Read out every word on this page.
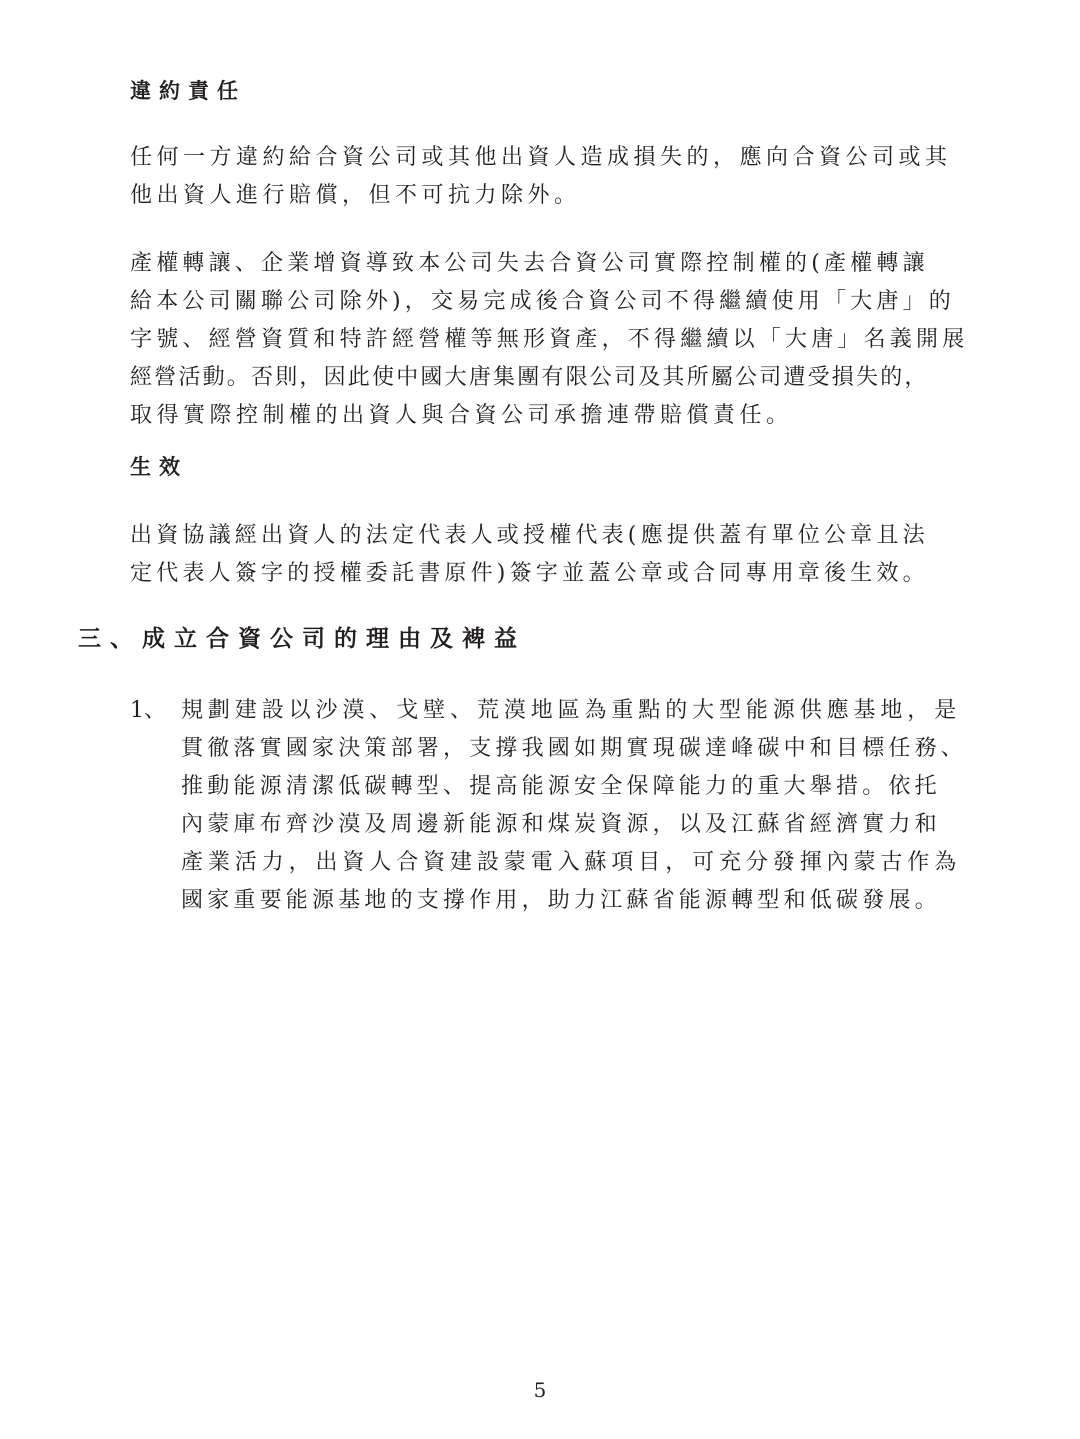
違約責任
任何一方違約給合資公司或其他出資人造成損失的，應向合資公司或其
他出資人進行賠償，但不可抗力除外。
產權轉讓、企業增資導致本公司失去合資公司實際控制權的(產權轉讓
給本公司關聯公司除外)，交易完成後合資公司不得繼續使用「大唐」的
字號、經營資質和特許經營權等無形資產，不得繼續以「大唐」名義開展
經營活動。否則，因此使中國大唐集團有限公司及其所屬公司遭受損失的，
取得實際控制權的出資人與合資公司承擔連帶賠償責任。
生效
出資協議經出資人的法定代表人或授權代表(應提供蓋有單位公章且法
定代表人簽字的授權委託書原件)簽字並蓋公章或合同專用章後生效。
三、成立合資公司的理由及裨益
1、 規劃建設以沙漠、戈壁、荒漠地區為重點的大型能源供應基地，是
貫徹落實國家決策部署，支撐我國如期實現碳達峰碳中和目標任務、
推動能源清潔低碳轉型、提高能源安全保障能力的重大舉措。依托
內蒙庫布齊沙漠及周邊新能源和煤炭資源，以及江蘇省經濟實力和
產業活力，出資人合資建設蒙電入蘇項目，可充分發揮內蒙古作為
國家重要能源基地的支撐作用，助力江蘇省能源轉型和低碳發展。
5
